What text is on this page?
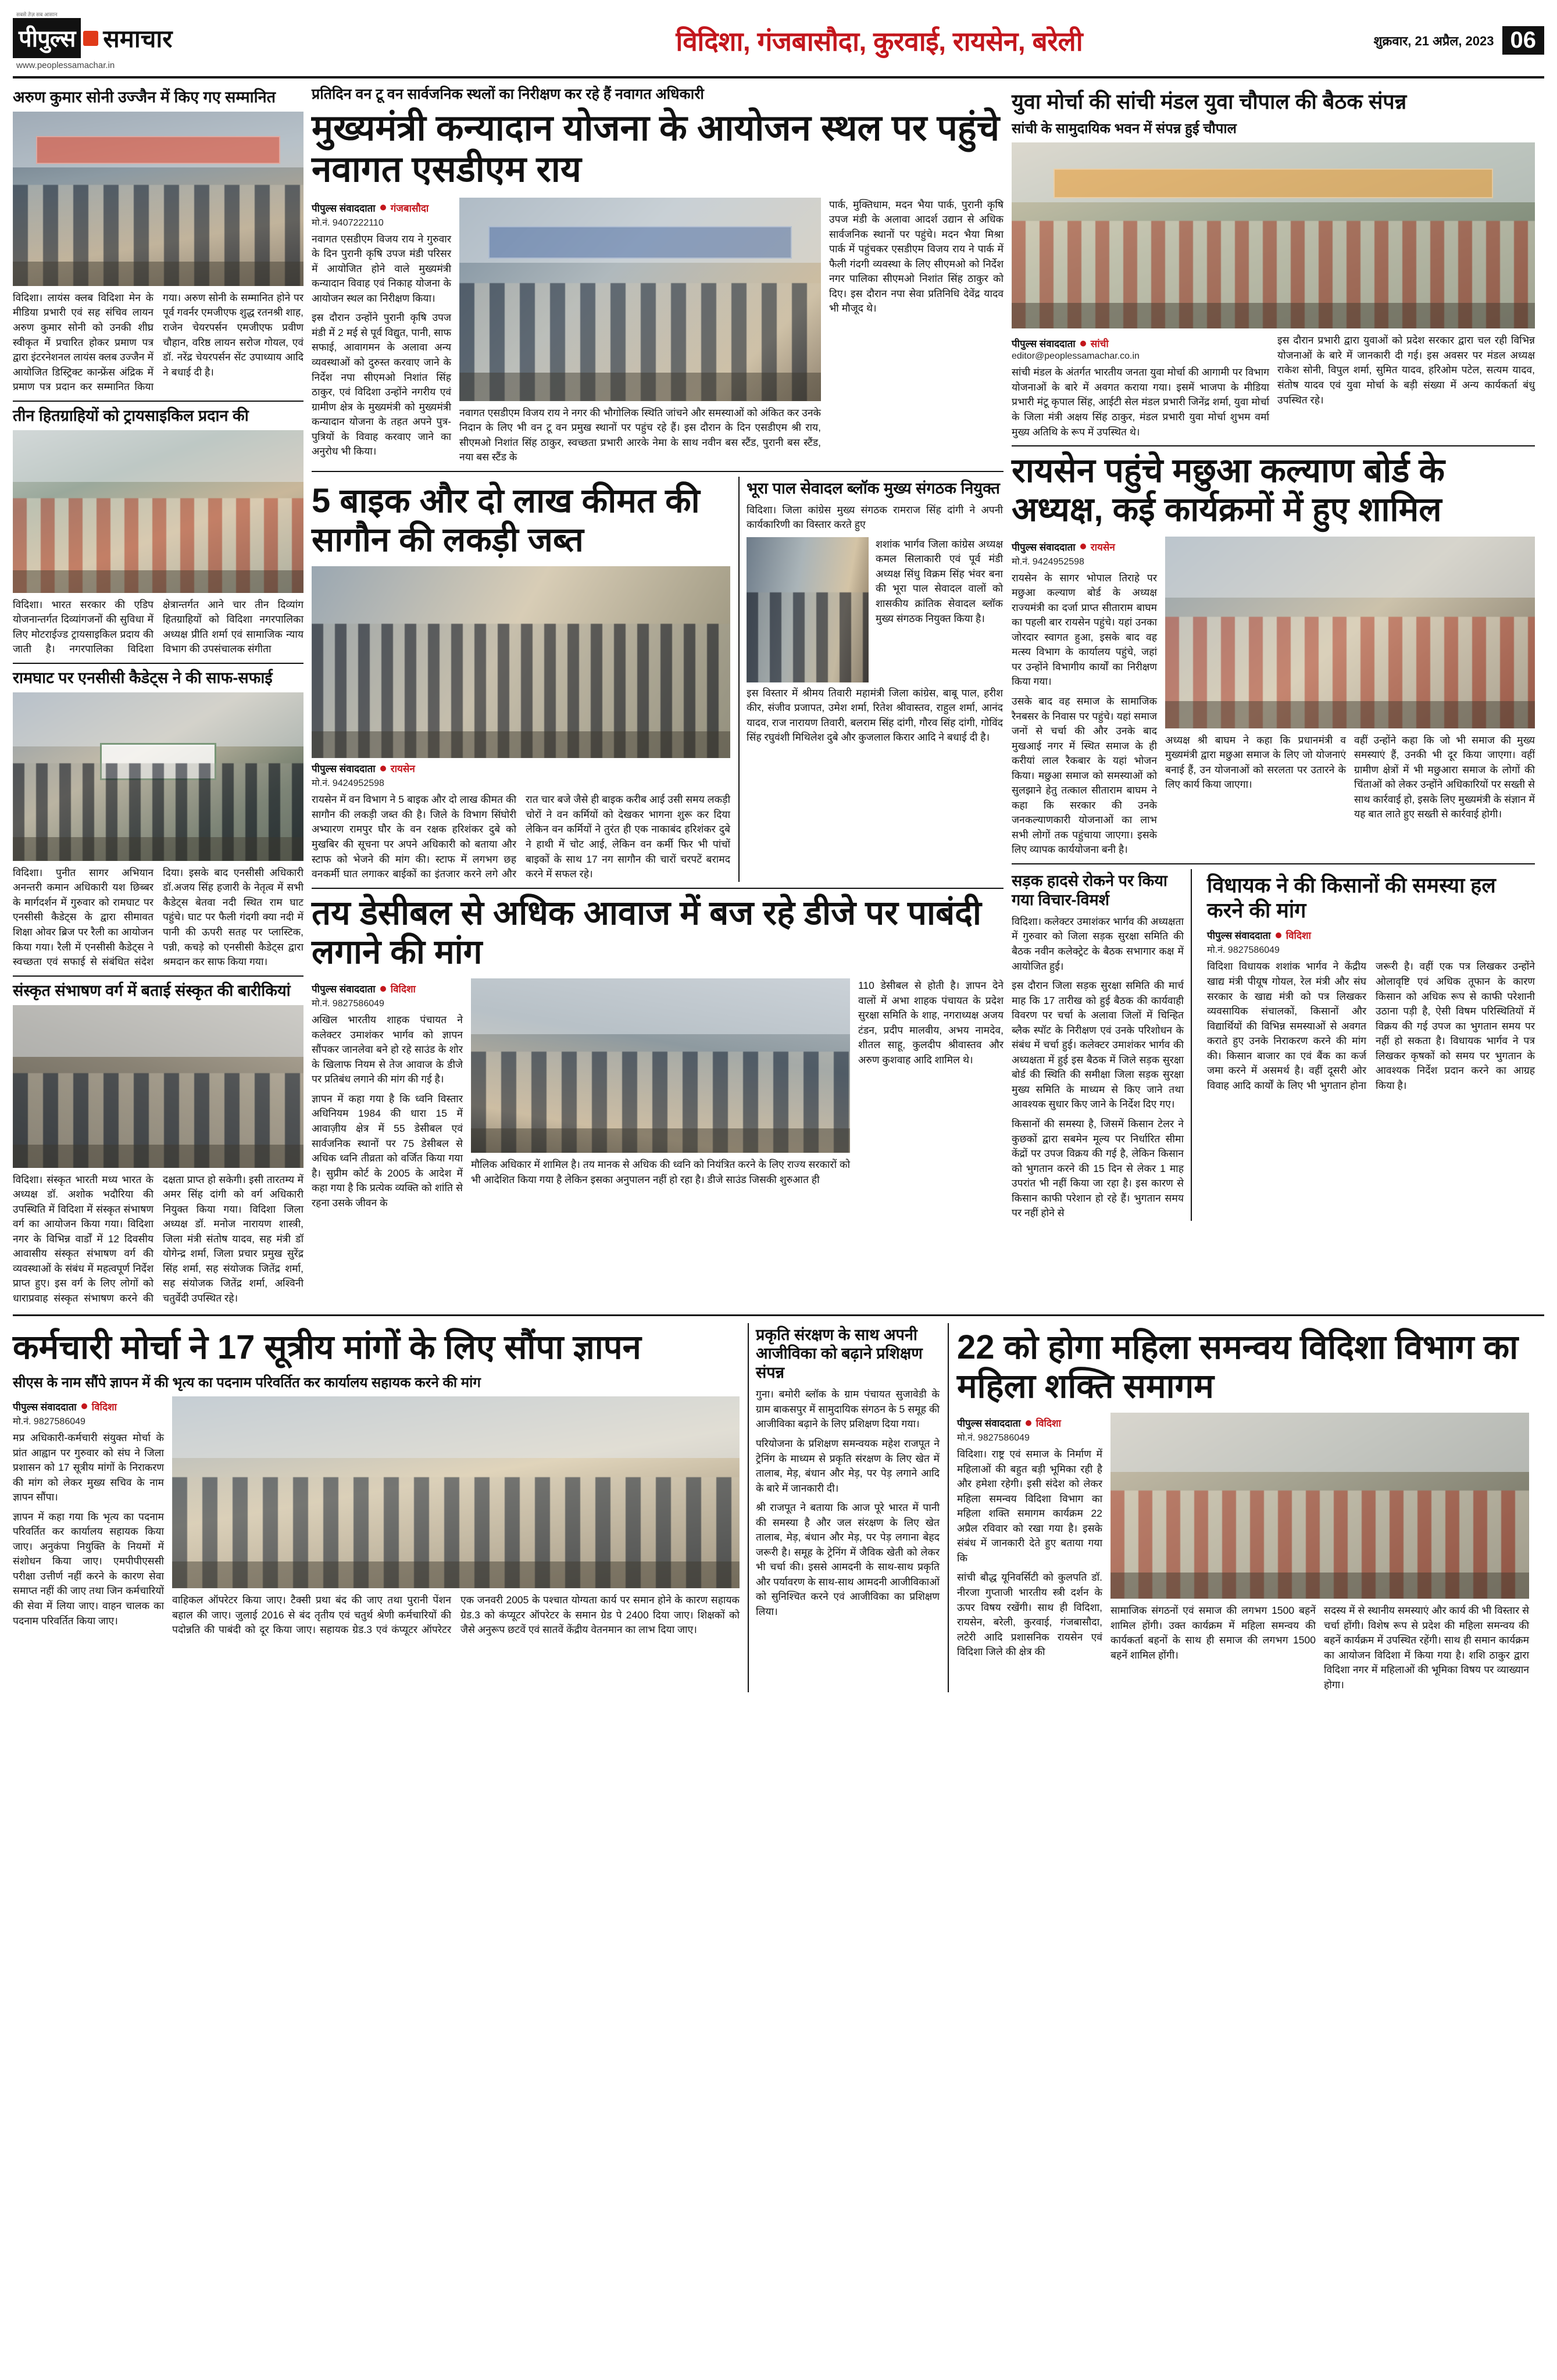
सबसे तेज़ सब आसान
पीपुल्स समाचार
www.peoplessamachar.in
विदिशा, गंजबासौदा, कुरवाई, रायसेन, बरेली	शुक्रवार, 21 अप्रैल, 2023 06
अरुण कुमार सोनी उज्जैन में किए गए सम्मानित
विदिशा। लायंस क्लब विदिशा मेन के मीडिया प्रभारी एवं सह संचिव लायन अरुण कुमार सोनी को उनकी शीघ्र स्वीकृत मेें प्रचारित होकर प्रमाण पत्र द्वारा इंटरनेशनल लायंस क्लब उज्जैन में आयोजित डिस्ट्रिक्ट कान्फ्रेंस अंद्रिक में प्रमाण पत्र प्रदान कर सम्मानित किया गया। अरुण सोनी के सम्मानित होने पर पूर्व गवर्नर एमजीएफ शुद्ध रतनश्री शाह, राजेन चेयरपर्सन एमजीएफ प्रवीण चौहान, वरिष्ठ लायन सरोज गोयल, एवं डॉ. नरेंद्र चेयरपर्सन सेंट उपाध्याय आदि ने बधाई दी है।
तीन हितग्राहियों को ट्रायसाइकिल प्रदान की
विदिशा। भारत सरकार की एडिप योजनान्तर्गत दिव्यांगजनों की सुविधा में लिए मोटराईज्ड ट्रायसाइकिल प्रदाय की जाती है। नगरपालिका विदिशा क्षेत्रान्तर्गत आने चार तीन दिव्यांग हितग्राहियों को विदिशा नगरपालिका अध्यक्ष प्रीति शर्मा एवं सामाजिक न्याय विभाग की उपसंचालक संगीता
रामघाट पर एनसीसी कैडेट्स ने की साफ-सफाई
विदिशा। पुनीत सागर अभियान अनन्तरी कमान अधिकारी यश छिब्बर के मार्गदर्शन में गुरुवार को रामघाट पर एनसीसी कैडेट्स के द्वारा सीमावत शिक्षा ओवर ब्रिज पर रैली का आयोजन किया गया। रैली में एनसीसी कैडेट्स ने स्वच्छता एवं सफाई से संबंधित संदेश दिया। इसके बाद एनसीसी अधिकारी डॉ.अजय सिंह हजारी के नेतृत्व में सभी कैडेट्स बेतवा नदी स्थित राम घाट पहुंचे। घाट पर फैली गंदगी क्या नदी में पानी की ऊपरी सतह पर प्लास्टिक, पन्नी, कचड़े को एनसीसी कैडेट्स द्वारा श्रमदान कर साफ किया गया।
संस्कृत संभाषण वर्ग में बताई संस्कृत की बारीकियां
विदिशा। संस्कृत भारती मध्य भारत के अध्यक्ष डॉ. अशोक भदौरिया की उपस्थिति में विदिशा में संस्कृत संभाषण वर्ग का आयोजन किया गया। विदिशा नगर के विभिन्न वार्डों में 12 दिवसीय आवासीय संस्कृत संभाषण वर्ग की व्यवस्थाओं के संबंध में महत्वपूर्ण निर्देश प्राप्त हुए। इस वर्ग के लिए लोगों को धाराप्रवाह संस्कृत संभाषण करने की दक्षता प्राप्त हो सकेगी। इसी तारतम्य में अमर सिंह दांगी को वर्ग अधिकारी नियुक्त किया गया। विदिशा जिला अध्यक्ष डॉ. मनोज नारायण शास्त्री, जिला मंत्री संतोष यादव, सह मंत्री डॉ योगेन्द्र शर्मा, जिला प्रचार प्रमुख सुरेंद्र सिंह शर्मा, सह संयोजक जितेंद्र शर्मा, सह संयोजक जितेंद्र शर्मा, अश्विनी चतुर्वेदी उपस्थित रहे।
प्रतिदिन वन टू वन सार्वजनिक स्थलों का निरीक्षण कर रहे हैं नवागत अधिकारी
मुख्यमंत्री कन्यादान योजना के आयोजन स्थल पर पहुंचे नवागत एसडीएम राय
पीपुल्स संवाददाता गंजबासौदा
मो.नं. 9407222110
नवागत एसडीएम विजय राय ने गुरुवार के दिन पुरानी कृषि उपज मंडी परिसर में आयोजित होने वाले मुख्यमंत्री कन्यादान विवाह एवं निकाह योजना के आयोजन स्थल का निरीक्षण किया।
इस दौरान उन्होंने पुरानी कृषि उपज मंडी में 2 मई से पूर्व विद्युत, पानी, साफ सफाई, आवागमन के अलावा अन्य व्यवस्थाओं को दुरुस्त करवाए जाने के निर्देश नपा सीएमओ निशांत सिंह ठाकुर, एवं विदिशा उन्होंने नगरीय एवं ग्रामीण क्षेत्र के मुख्यमंत्री को मुख्यमंत्री कन्यादान योजना के तहत अपने पुत्र-पुत्रियों के विवाह करवाए जाने का अनुरोध भी किया।
नवागत एसडीएम विजय राय ने नगर की भौगोलिक स्थिति जांचने और समस्याओं को अंकित कर उनके निदान के लिए भी वन टू वन प्रमुख स्थानों पर पहुंच रहे हैं। इस दौरान के दिन एसडीएम श्री राय, सीएमओ निशांत सिंह ठाकुर, स्वच्छता प्रभारी आरके नेमा के साथ नवीन बस स्टैंड, पुरानी बस स्टैंड, नया बस स्टैंड के
पार्क, मुक्तिधाम, मदन भैया पार्क, पुरानी कृषि उपज मंडी के अलावा आदर्श उद्यान से अधिक सार्वजनिक स्थानों पर पहुंचे। मदन भैया मिश्रा पार्क में पहुंचकर एसडीएम विजय राय ने पार्क में फैली गंदगी व्यवस्था के लिए सीएमओ को निर्देश नगर पालिका सीएमओ निशांत सिंह ठाकुर को दिए। इस दौरान नपा सेवा प्रतिनिधि देवेंद्र यादव भी मौजूद थे।
5 बाइक और दो लाख कीमत की सागौन की लकड़ी जब्त
पीपुल्स संवाददाता रायसेन
मो.नं. 9424952598
रायसेन में वन विभाग ने 5 बाइक और दो लाख कीमत की सागौन की लकड़ी जब्त की है। जिले के विभाग सिंघोरी अभ्यारण रामपुर घौर के वन रक्षक हरिशंकर दुबे को मुखबिर की सूचना पर अपने अधिकारी को बताया और स्टाफ को भेजने की मांग की। स्टाफ में लगभग छह वनकर्मी घात लगाकर बाईकों का इंतजार करने लगे और रात चार बजे जैसे ही बाइक करीब आई उसी समय लकड़ी चोरों ने वन कर्मियों को देखकर भागना शुरू कर दिया लेकिन वन कर्मियों ने तुरंत ही एक नाकाबंद हरिशंकर दुबे ने हाथी में चोट आई, लेकिन वन कर्मी फिर भी पांचों बाइकों के साथ 17 नग सागौन की चारों चरपटें बरामद करने में सफल रहे।
भूरा पाल सेवादल ब्लॉक मुख्य संगठक नियुक्त
विदिशा। जिला कांग्रेस मुख्य संगठक रामराज सिंह दांगी ने अपनी कार्यकारिणी का विस्तार करते हुए
शशांक भार्गव जिला कांग्रेस अध्यक्ष कमल सिलाकारी एवं पूर्व मंडी अध्यक्ष सिंधु विक्रम सिंह भंवर बना की भूरा पाल सेवादल वालों को शासकीय क्रांतिक सेवादल ब्लॉक मुख्य संगठक नियुक्त किया है।
इस विस्तार में श्रीमय तिवारी महामंत्री जिला कांग्रेस, बाबू पाल, हरीश कीर, संजीव प्रजापत, उमेश शर्मा, रितेश श्रीवास्तव, राहुल शर्मा, आनंद यादव, राज नारायण तिवारी, बलराम सिंह दांगी, गौरव सिंह दांगी, गोविंद सिंह रघुवंशी मिथिलेश दुबे और कुजलाल किरार आदि ने बधाई दी है।
तय डेसीबल से अधिक आवाज में बज रहे डीजे पर पाबंदी लगाने की मांग
पीपुल्स संवाददाता विदिशा
मो.नं. 9827586049
अखिल भारतीय शाहक पंचायत ने कलेक्टर उमाशंकर भार्गव को ज्ञापन सौंपकर जानलेवा बने हो रहे साउंड के शोर के खिलाफ नियम से तेज आवाज के डीजे पर प्रतिबंध लगाने की मांग की गई है।
ज्ञापन में कहा गया है कि ध्वनि विस्तार अधिनियम 1984 की धारा 15 में आवाज़ीय क्षेत्र में 55 डेसीबल एवं सार्वजनिक स्थानों पर 75 डेसीबल से अधिक ध्वनि तीव्रता को वर्जित किया गया है। सुप्रीम कोर्ट के 2005 के आदेश में कहा गया है कि प्रत्येक व्यक्ति को शांति से रहना उसके जीवन के
मौलिक अधिकार में शामिल है। तय मानक से अधिक की ध्वनि को नियंत्रित करने के लिए राज्य सरकारों को भी आदेशित किया गया है लेकिन इसका अनुपालन नहीं हो रहा है। डीजे साउंड जिसकी शुरुआत ही
110 डेसीबल से होती है। ज्ञापन देने वालों में अभा शाहक पंचायत के प्रदेश सुरक्षा समिति के शाह, नगराध्यक्ष अजय टंडन, प्रदीप मालवीय, अभय नामदेव, शीतल साहू, कुलदीप श्रीवास्तव और अरुण कुशवाह आदि शामिल थे।
युवा मोर्चा की सांची मंडल युवा चौपाल की बैठक संपन्न
सांची के सामुदायिक भवन में संपन्न हुई चौपाल
पीपुल्स संवाददाता सांची
editor@peoplessamachar.co.in
सांची मंडल के अंतर्गत भारतीय जनता युवा मोर्चा की आगामी पर विभाग योजनाओं के बारे में अवगत कराया गया। इसमें भाजपा के मीडिया प्रभारी मंटू कृपाल सिंह, आईटी सेल मंडल प्रभारी जिनेंद्र शर्मा, युवा मोर्चा के जिला मंत्री अक्षय सिंह ठाकुर, मंडल प्रभारी युवा मोर्चा शुभम वर्मा मुख्य अतिथि के रूप में उपस्थित थे।
इस दौरान प्रभारी द्वारा युवाओं को प्रदेश सरकार द्वारा चल रही विभिन्न योजनाओं के बारे में जानकारी दी गई। इस अवसर पर मंडल अध्यक्ष राकेश सोनी, विपुल शर्मा, सुमित यादव, हरिओम पटेल, सत्यम यादव, संतोष यादव एवं युवा मोर्चा के बड़ी संख्या में अन्य कार्यकर्ता बंधु उपस्थित रहे।
रायसेन पहुंचे मछुआ कल्याण बोर्ड के अध्यक्ष, कई कार्यक्रमों में हुए शामिल
पीपुल्स संवाददाता रायसेन
मो.नं. 9424952598
रायसेन के सागर भोपाल तिराहे पर मछुआ कल्याण बोर्ड के अध्यक्ष राज्यमंत्री का दर्जा प्राप्त सीताराम बाघम का पहली बार रायसेन पहुंचे। यहां उनका जोरदार स्वागत हुआ, इसके बाद वह मत्स्य विभाग के कार्यालय पहुंचे, जहां पर उन्होंने विभागीय कार्यों का निरीक्षण किया गया।
उसके बाद वह समाज के सामाजिक रैनबसर के निवास पर पहुंचे। यहां समाज जनों से चर्चा की और उनके बाद मुखआई नगर में स्थित समाज के ही करीयां लाल रैकबार के यहां भोजन किया। मछुआ समाज को समस्याओं को सुलझाने हेतु तत्काल सीताराम बाघम ने कहा कि सरकार की उनके जनकल्याणकारी योजनाओं का लाभ सभी लोगों तक पहुंचाया जाएगा। इसके लिए व्यापक कार्ययोजना बनी है।
अध्यक्ष श्री बाघम ने कहा कि प्रधानमंत्री व मुख्यमंत्री द्वारा मछुआ समाज के लिए जो योजनाएं बनाई हैं, उन योजनाओं को सरलता पर उतारने के लिए कार्य किया जाएगा।
वहीं उन्होंने कहा कि जो भी समाज की मुख्य समस्याएं हैं, उनकी भी दूर किया जाएगा। वहीं ग्रामीण क्षेत्रों में भी मछुआरा समाज के लोगों की चिंताओं को लेकर उन्होंने अधिकारियों पर सख्ती से साथ कार्रवाई हो, इसके लिए मुख्यमंत्री के संज्ञान में यह बात लाते हुए सख्ती से कार्रवाई होगी।
सड़क हादसे रोकने पर किया गया विचार-विमर्श
विदिशा। कलेक्टर उमाशंकर भार्गव की अध्यक्षता में गुरुवार को जिला सड़क सुरक्षा समिति की बैठक नवीन कलेक्ट्रेट के बैठक सभागार कक्ष में आयोजित हुई।
इस दौरान जिला सड़क सुरक्षा समिति की मार्च माह कि 17 तारीख को हुई बैठक की कार्यवाही विवरण पर चर्चा के अलावा जिलों में चिन्हित ब्लैक स्पॉट के निरीक्षण एवं उनके परिशोधन के संबंध में चर्चा हुई। कलेक्टर उमाशंकर भार्गव की अध्यक्षता में हुई इस बैठक में जिले सड़क सुरक्षा बोर्ड की स्थिति की समीक्षा जिला सड़क सुरक्षा मुख्य समिति के माध्यम से किए जाने तथा आवश्यक सुधार किए जाने के निर्देश दिए गए।
किसानों की समस्या है, जिसमें किसान टेलर ने कुछकों द्वारा सबमेन मूल्य पर निर्धारित सीमा केंद्रों पर उपज विक्रय की गई है, लेकिन किसान को भुगतान करने की 15 दिन से लेकर 1 माह उपरांत भी नहीं किया जा रहा है। इस कारण से किसान काफी परेशान हो रहे हैं। भुगतान समय पर नहीं होने से
विधायक ने की किसानों की समस्या हल करने की मांग
पीपुल्स संवाददाता विदिशा
मो.नं. 9827586049
विदिशा विधायक शशांक भार्गव ने केंद्रीय खाद्य मंत्री पीयूष गोयल, रेल मंत्री और संघ सरकार के खाद्य मंत्री को पत्र लिखकर व्यवसायिक संचालकों, किसानों और विद्यार्थियों की विभिन्न समस्याओं से अवगत कराते हुए उनके निराकरण करने की मांग की। किसान बाजार का एवं बैंक का कर्ज जमा करने में असमर्थ है। वहीं दूसरी ओर विवाह आदि कार्यों के लिए भी भुगतान होना जरूरी है। वहीं एक पत्र लिखकर उन्होंने ओलावृष्टि एवं अधिक तूफान के कारण किसान को अधिक रूप से काफी परेशानी उठाना पड़ी है, ऐसी विषम परिस्थितियों में विक्रय की गई उपज का भुगतान समय पर नहीं हो सकता है। विधायक भार्गव ने पत्र लिखकर कृषकों को समय पर भुगतान के आवश्यक निर्देश प्रदान करने का आग्रह किया है।
कर्मचारी मोर्चा ने 17 सूत्रीय मांगों के लिए सौंपा ज्ञापन
सीएस के नाम सौंपे ज्ञापन में की भृत्य का पदनाम परिवर्तित कर कार्यालय सहायक करने की मांग
पीपुल्स संवाददाता विदिशा
मो.नं. 9827586049
मप्र अधिकारी-कर्मचारी संयुक्त मोर्चा के प्रांत आह्वान पर गुरुवार को संघ ने जिला प्रशासन को 17 सूत्रीय मांगों के निराकरण की मांग को लेकर मुख्य सचिव के नाम ज्ञापन सौंपा।
ज्ञापन में कहा गया कि भृत्य का पदनाम परिवर्तित कर कार्यालय सहायक किया जाए। अनुकंपा नियुक्ति के नियमों में संशोधन किया जाए। एमपीपीएससी परीक्षा उत्तीर्ण नहीं करने के कारण सेवा समाप्त नहीं की जाए तथा जिन कर्मचारियों की सेवा में लिया जाए। वाहन चालक का पदनाम परिवर्तित किया जाए।
वाहिकल ऑपरेटर किया जाए। टैक्सी प्रथा बंद की जाए तथा पुरानी पेंशन बहाल की जाए। जुलाई 2016 से बंद तृतीय एवं चतुर्थ श्रेणी कर्मचारियों की पदोन्नति की पाबंदी को दूर किया जाए। सहायक ग्रेड.3 एवं कंप्यूटर ऑपरेटर एक जनवरी 2005 के पश्चात योग्यता कार्य पर समान होने के कारण सहायक ग्रेड.3 को कंप्यूटर ऑपरेटर के समान ग्रेड पे 2400 दिया जाए। शिक्षकों को जैसे अनुरूप छटवें एवं सातवें केंद्रीय वेतनमान का लाभ दिया जाए।
प्रकृति संरक्षण के साथ अपनी आजीविका को बढ़ाने प्रशिक्षण संपन्न
गुना। बमोरी ब्लॉक के ग्राम पंचायत सुजावेडी के ग्राम बाकसपुर में सामुदायिक संगठन के 5 समूह की आजीविका बढ़ाने के लिए प्रशिक्षण दिया गया।
परियोजना के प्रशिक्षण समन्वयक महेश राजपूत ने ट्रेनिंग के माध्यम से प्रकृति संरक्षण के लिए खेत में तालाब, मेड़, बंधान और मेड़, पर पेड़ लगाने आदि के बारे में जानकारी दी।
श्री राजपूत ने बताया कि आज पूरे भारत में पानी की समस्या है और जल संरक्षण के लिए खेत तालाब, मेड़, बंधान और मेड़, पर पेड़ लगाना बेहद जरूरी है। समूह के ट्रेनिंग में जैविक खेती को लेकर भी चर्चा की। इससे आमदनी के साथ-साथ प्रकृति और पर्यावरण के साथ-साथ आमदनी आजीविकाओं को सुनिश्चित करने एवं आजीविका का प्रशिक्षण लिया।
22 को होगा महिला समन्वय विदिशा विभाग का महिला शक्ति समागम
पीपुल्स संवाददाता विदिशा
मो.नं. 9827586049
विदिशा। राष्ट्र एवं समाज के निर्माण में महिलाओं की बहुत बड़ी भूमिका रही है और हमेशा रहेगी। इसी संदेश को लेकर महिला समन्वय विदिशा विभाग का महिला शक्ति समागम कार्यक्रम 22 अप्रैल रविवार को रखा गया है। इसके संबंध में जानकारी देते हुए बताया गया कि
सांची बौद्ध यूनिवर्सिटी को कुलपति डॉ. नीरजा गुप्ताजी भारतीय स्त्री दर्शन के ऊपर विषय रखेंगी। साथ ही विदिशा, रायसेन, बरेली, कुरवाई, गंजबासौदा, लटेरी आदि प्रशासनिक रायसेन एवं विदिशा जिले की क्षेत्र की
सामाजिक संगठनों एवं समाज की लगभग 1500 बहनें शामिल होंगी। उक्त कार्यक्रम में महिला समन्वय की कार्यकर्ता बहनों के साथ ही समाज की लगभग 1500 बहनें शामिल होंगी।
सदस्य में से स्थानीय समस्याएं और कार्य की भी विस्तार से चर्चा होंगी। विशेष रूप से प्रदेश की महिला समन्वय की बहनें कार्यक्रम में उपस्थित रहेंगी। साथ ही समान कार्यक्रम का आयोजन विदिशा में किया गया है। शशि ठाकुर द्वारा विदिशा नगर में महिलाओं की भूमिका विषय पर व्याख्यान होगा।
